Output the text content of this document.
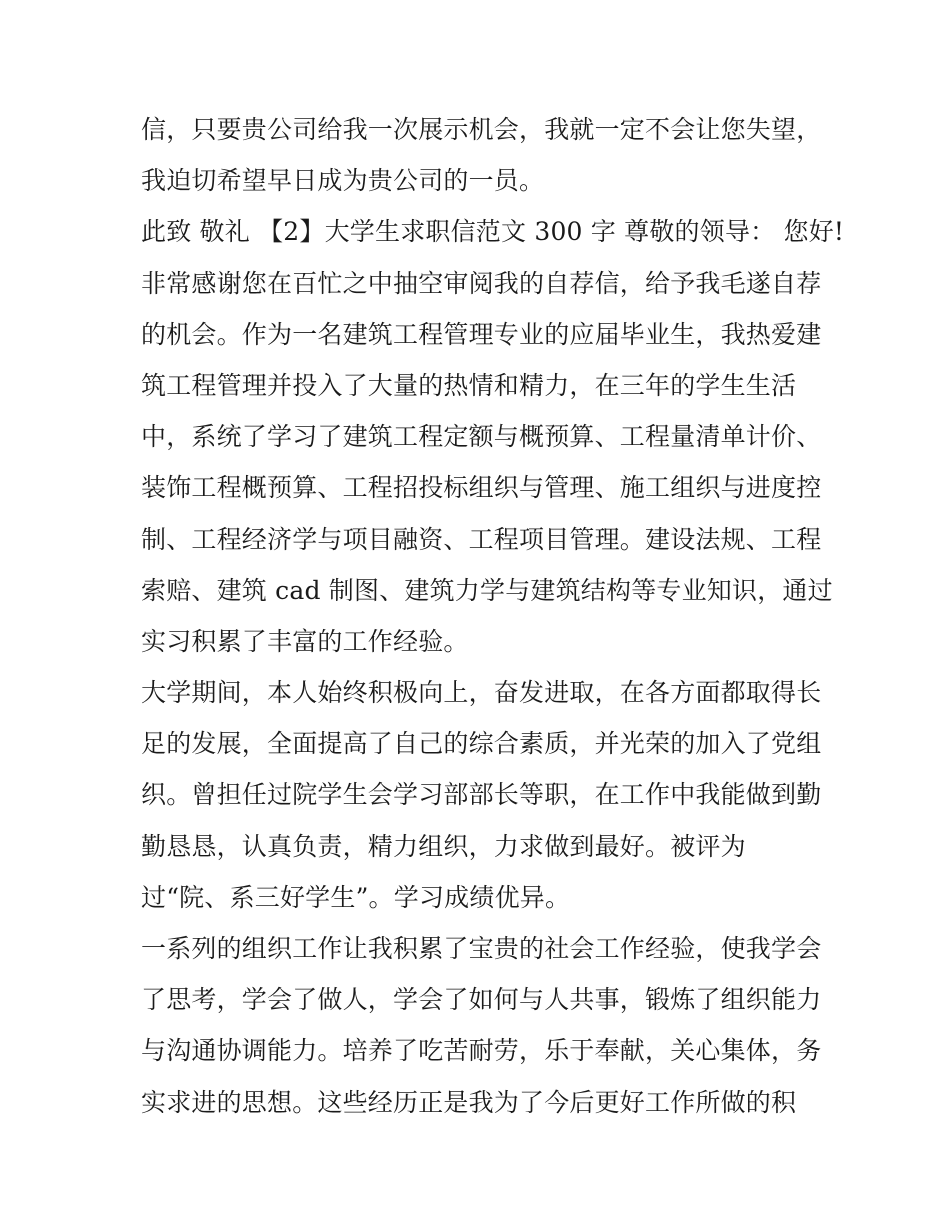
信，只要贵公司给我一次展示机会，我就一定不会让您失望，
我迫切希望早日成为贵公司的一员。
此致 敬礼 【2】大学生求职信范文 300 字 尊敬的领导： 您好!
非常感谢您在百忙之中抽空审阅我的自荐信，给予我毛遂自荐
的机会。作为一名建筑工程管理专业的应届毕业生，我热爱建
筑工程管理并投入了大量的热情和精力，在三年的学生生活
中，系统了学习了建筑工程定额与概预算、工程量清单计价、
装饰工程概预算、工程招投标组织与管理、施工组织与进度控
制、工程经济学与项目融资、工程项目管理。建设法规、工程
索赔、建筑 cad 制图、建筑力学与建筑结构等专业知识，通过
实习积累了丰富的工作经验。
大学期间，本人始终积极向上，奋发进取，在各方面都取得长
足的发展，全面提高了自己的综合素质，并光荣的加入了党组
织。曾担任过院学生会学习部部长等职，在工作中我能做到勤
勤恳恳，认真负责，精力组织，力求做到最好。被评为
过“院、系三好学生”。学习成绩优异。
一系列的组织工作让我积累了宝贵的社会工作经验，使我学会
了思考，学会了做人，学会了如何与人共事，锻炼了组织能力
与沟通协调能力。培养了吃苦耐劳，乐于奉献，关心集体，务
实求进的思想。这些经历正是我为了今后更好工作所做的积
